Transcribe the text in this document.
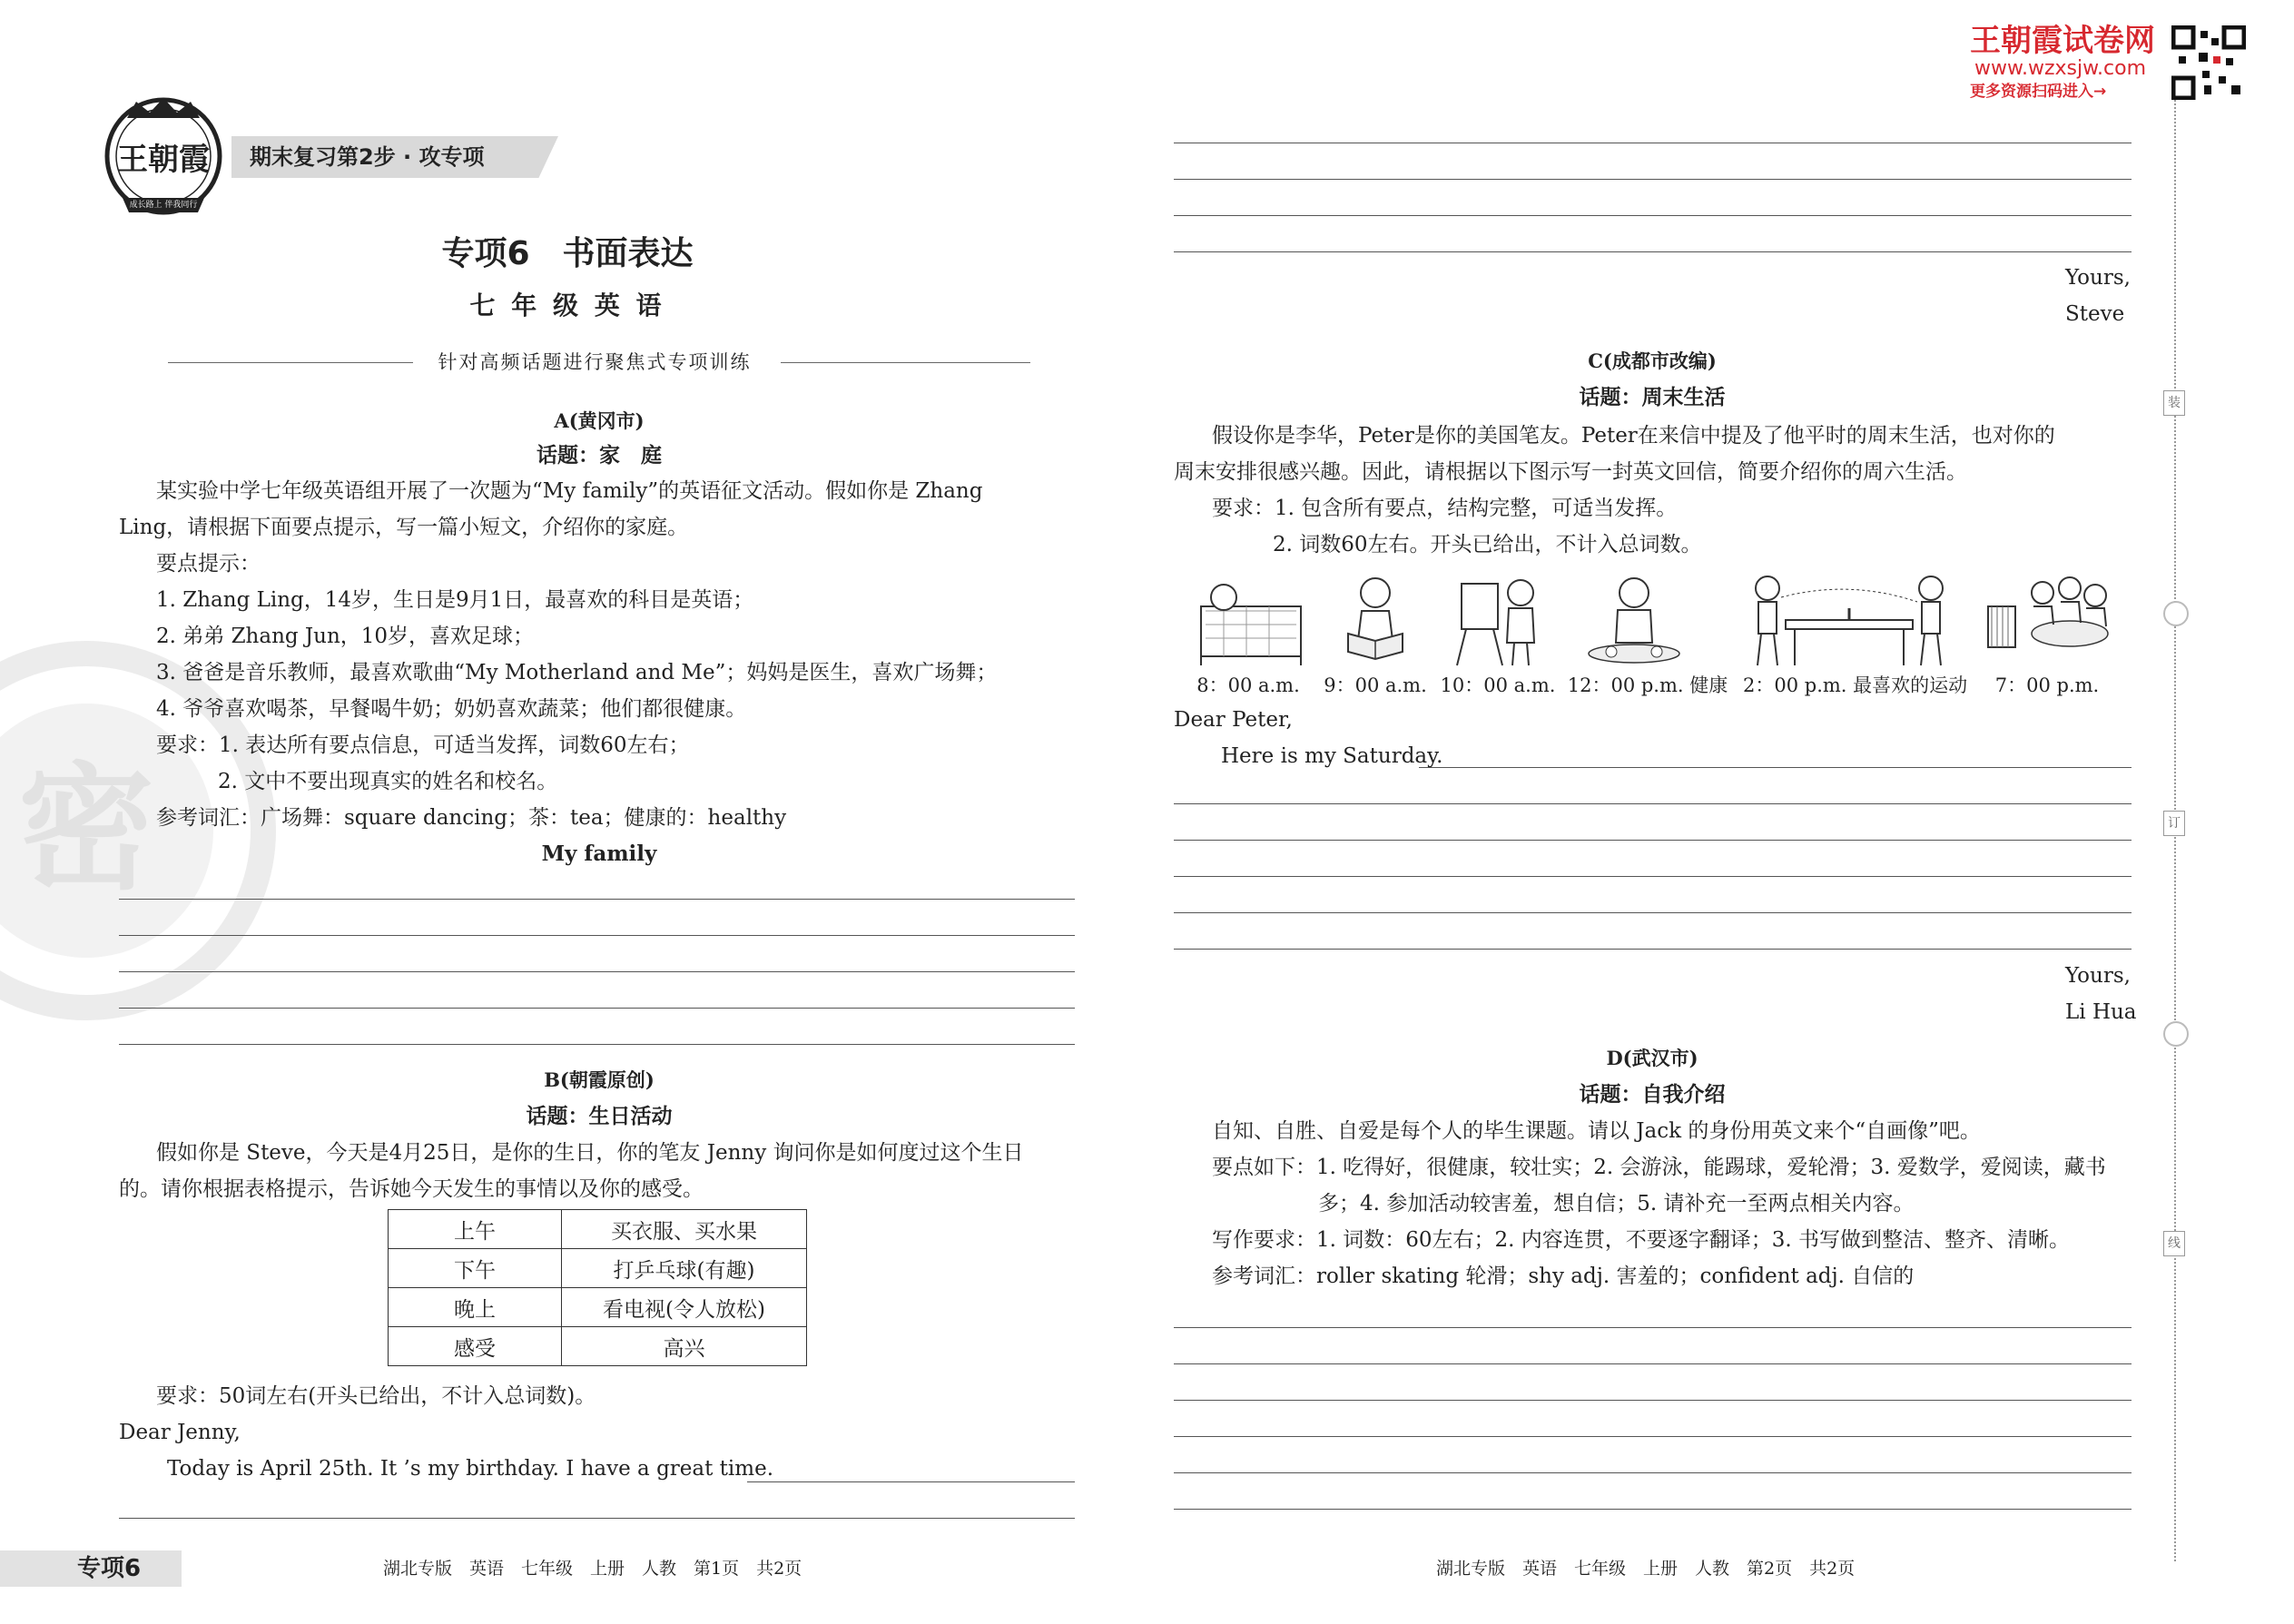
密
王朝霞
成长路上 伴我同行
期末复习第2步 · 攻专项
专项6　书面表达
七 年 级 英 语
针对高频话题进行聚焦式专项训练
A(黄冈市)
话题：家　庭
某实验中学七年级英语组开展了一次题为“My family”的英语征文活动。假如你是 Zhang
Ling，请根据下面要点提示，写一篇小短文，介绍你的家庭。
要点提示：
1. Zhang Ling，14岁，生日是9月1日，最喜欢的科目是英语；
2. 弟弟 Zhang Jun，10岁，喜欢足球；
3. 爸爸是音乐教师，最喜欢歌曲“My Motherland and Me”；妈妈是医生，喜欢广场舞；
4. 爷爷喜欢喝茶，早餐喝牛奶；奶奶喜欢蔬菜；他们都很健康。
要求：1. 表达所有要点信息，可适当发挥，词数60左右；
2. 文中不要出现真实的姓名和校名。
参考词汇：广场舞：square dancing；茶：tea；健康的：healthy
My family
B(朝霞原创)
话题：生日活动
假如你是 Steve，今天是4月25日，是你的生日，你的笔友 Jenny 询问你是如何度过这个生日
的。请你根据表格提示，告诉她今天发生的事情以及你的感受。
上午	买衣服、买水果
下午	打乒乓球(有趣)
晚上	看电视(令人放松)
感受	高兴
要求：50词左右(开头已给出，不计入总词数)。
Dear Jenny,
Today is April 25th. It ’s my birthday. I have a great time.
专项6	湖北专版　英语　七年级　上册　人教　第1页　共2页
王朝霞试卷网
www.wzxsjw.com
更多资源扫码进入→
Yours,
Steve
C(成都市改编)
话题：周末生活
假设你是李华，Peter是你的美国笔友。Peter在来信中提及了他平时的周末生活，也对你的
周末安排很感兴趣。因此，请根据以下图示写一封英文回信，简要介绍你的周六生活。
要求：1. 包含所有要点，结构完整，可适当发挥。
2. 词数60左右。开头已给出，不计入总词数。
8：00 a.m.	9：00 a.m. 10：00 a.m. 12：00 p.m. 健康 2：00 p.m. 最喜欢的运动	7：00 p.m.
Dear Peter,
Here is my Saturday.
Yours,
Li Hua
D(武汉市)
话题：自我介绍
自知、自胜、自爱是每个人的毕生课题。请以 Jack 的身份用英文来个“自画像”吧。
要点如下：1. 吃得好，很健康，较壮实；2. 会游泳，能踢球，爱轮滑；3. 爱数学，爱阅读，藏书
多；4. 参加活动较害羞，想自信；5. 请补充一至两点相关内容。
写作要求：1. 词数：60左右；2. 内容连贯，不要逐字翻译；3. 书写做到整洁、整齐、清晰。
参考词汇：roller skating 轮滑；shy adj. 害羞的；confident adj. 自信的
湖北专版　英语　七年级　上册　人教　第2页　共2页
装
订
线
